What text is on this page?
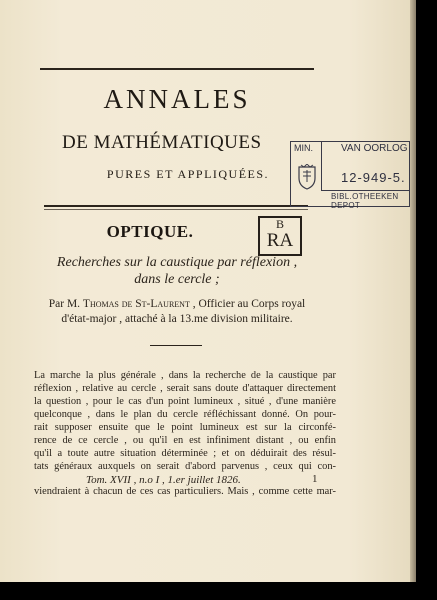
ANNALES
DE MATHÉMATIQUES
PURES ET APPLIQUÉES.
MIN.	VAN OORLOG
12-949-5.
BIBL.OTHEEKEN DEPOT
B
RA
OPTIQUE.
Recherches sur la caustique par réflexion ,
dans le cercle ;
Par M. Thomas de St-Laurent , Officier au Corps royal
d'état-major , attaché à la 13.me division militaire.
La marche la plus générale , dans la recherche de la caustique par
réflexion , relative au cercle , serait sans doute d'attaquer directement
la question , pour le cas d'un point lumineux , situé , d'une manière
quelconque , dans le plan du cercle réfléchissant donné. On pour-
rait supposer ensuite que le point lumineux est sur la circonfé-
rence de ce cercle , ou qu'il en est infiniment distant , ou enfin
qu'il a toute autre situation déterminée ; et on déduirait des résul-
tats généraux auxquels on serait d'abord parvenus , ceux qui con-
viendraient à chacun de ces cas particuliers. Mais , comme cette mar-
Tom. XVII , n.o I , 1.er juillet 1826.	1
